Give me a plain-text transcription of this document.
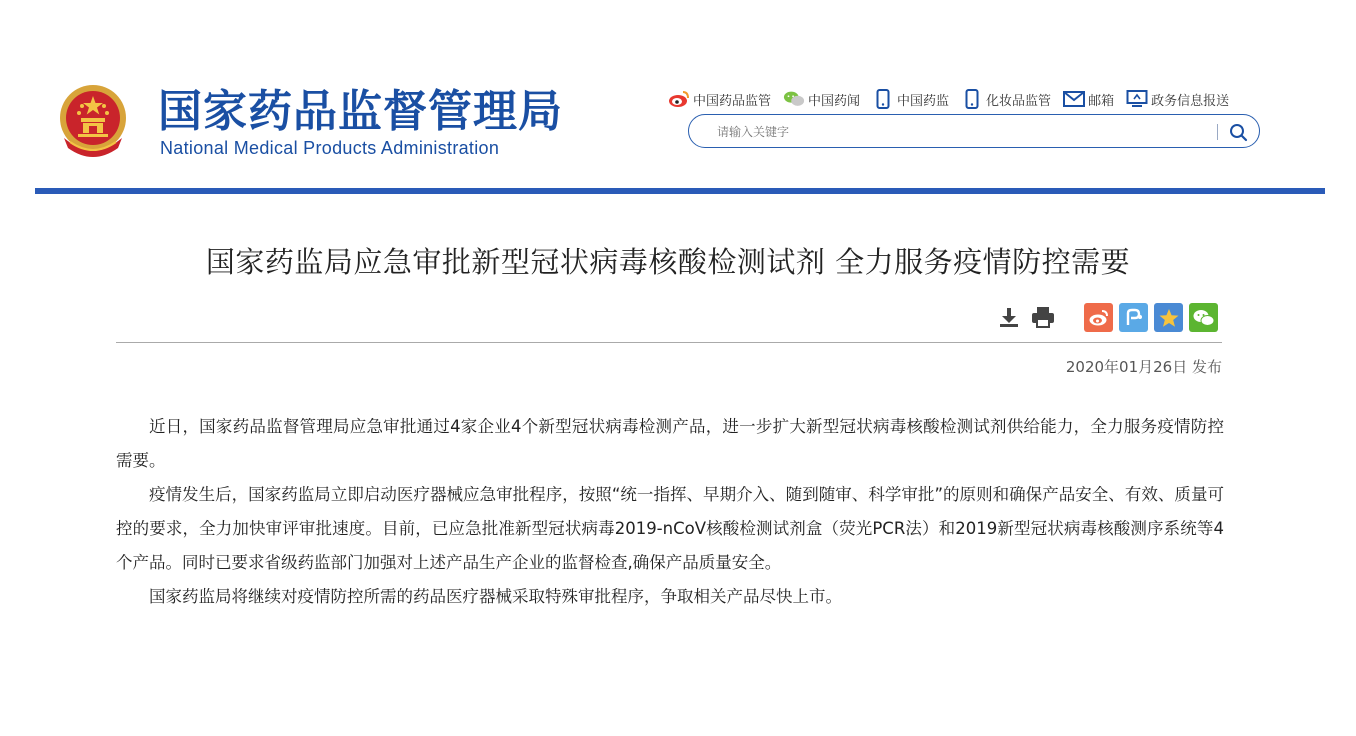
国家药品监督管理局
National Medical Products Administration
中国药品监管	中国药闻	中国药监	化妆品监管	邮箱	政务信息报送
请输入关键字
国家药监局应急审批新型冠状病毒核酸检测试剂 全力服务疫情防控需要
2020年01月26日 发布

近日，国家药品监督管理局应急审批通过4家企业4个新型冠状病毒检测产品，进一步扩大新型冠状病毒核酸检测试剂供给能力，全力服务疫情防控需要。

疫情发生后，国家药监局立即启动医疗器械应急审批程序，按照“统一指挥、早期介入、随到随审、科学审批”的原则和确保产品安全、有效、质量可控的要求，全力加快审评审批速度。目前，已应急批准新型冠状病毒2019-nCoV核酸检测试剂盒（荧光PCR法）和2019新型冠状病毒核酸测序系统等4个产品。同时已要求省级药监部门加强对上述产品生产企业的监督检查,确保产品质量安全。

国家药监局将继续对疫情防控所需的药品医疗器械采取特殊审批程序，争取相关产品尽快上市。
